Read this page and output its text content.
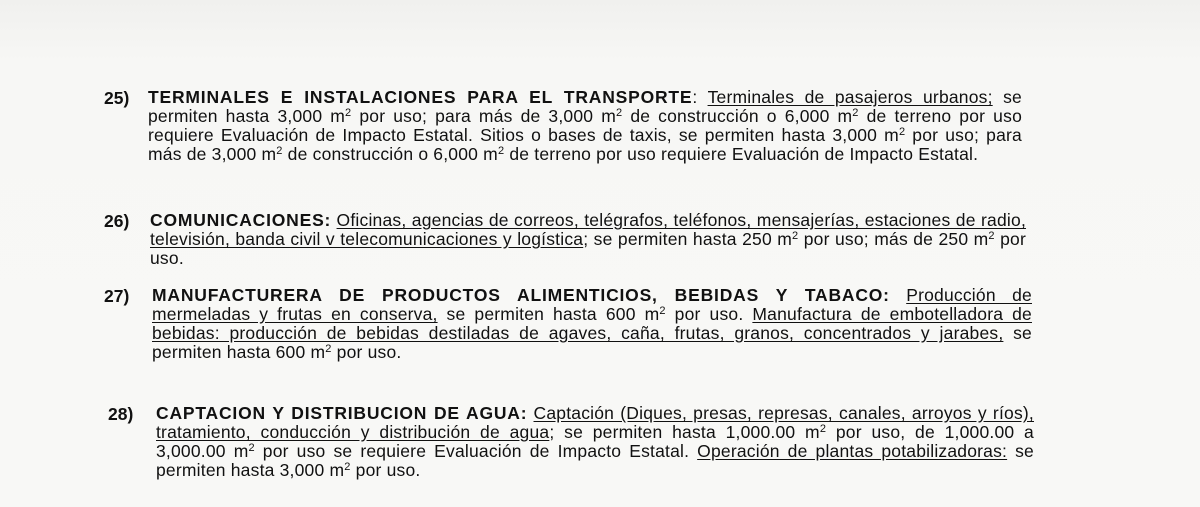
25) TERMINALES E INSTALACIONES PARA EL TRANSPORTE: Terminales de pasajeros urbanos; se permiten hasta 3,000 $m^2$ por uso; para más de 3,000 $m^2$ de construcción o 6,000 $m^2$ de terreno por uso requiere Evaluación de Impacto Estatal. Sitios o bases de taxis, se permiten hasta 3,000 $m^2$ por uso; para más de 3,000 $m^2$ de construcción o 6,000 $m^2$ de terreno por uso requiere Evaluación de Impacto Estatal.
26) COMUNICACIONES: Oficinas, agencias de correos, telégrafos, teléfonos, mensajerías, estaciones de radio, televisión, banda civil v telecomunicaciones y logística; se permiten hasta 250 $m^2$ por uso; más de 250 $m^2$ por uso.
27) MANUFACTURERA DE PRODUCTOS ALIMENTICIOS, BEBIDAS Y TABACO: Producción de mermeladas y frutas en conserva, se permiten hasta 600 $m^2$ por uso. Manufactura de embotelladora de bebidas: producción de bebidas destiladas de agaves, caña, frutas, granos, concentrados y jarabes, se permiten hasta 600 $m^2$ por uso.
28) CAPTACION Y DISTRIBUCION DE AGUA: Captación (Diques, presas, represas, canales, arroyos y ríos), tratamiento, conducción y distribución de agua; se permiten hasta 1,000.00 $m^2$ por uso, de 1,000.00 a 3,000.00 $m^2$ por uso se requiere Evaluación de Impacto Estatal. Operación de plantas potabilizadoras: se permiten hasta 3,000 $m^2$ por uso.
